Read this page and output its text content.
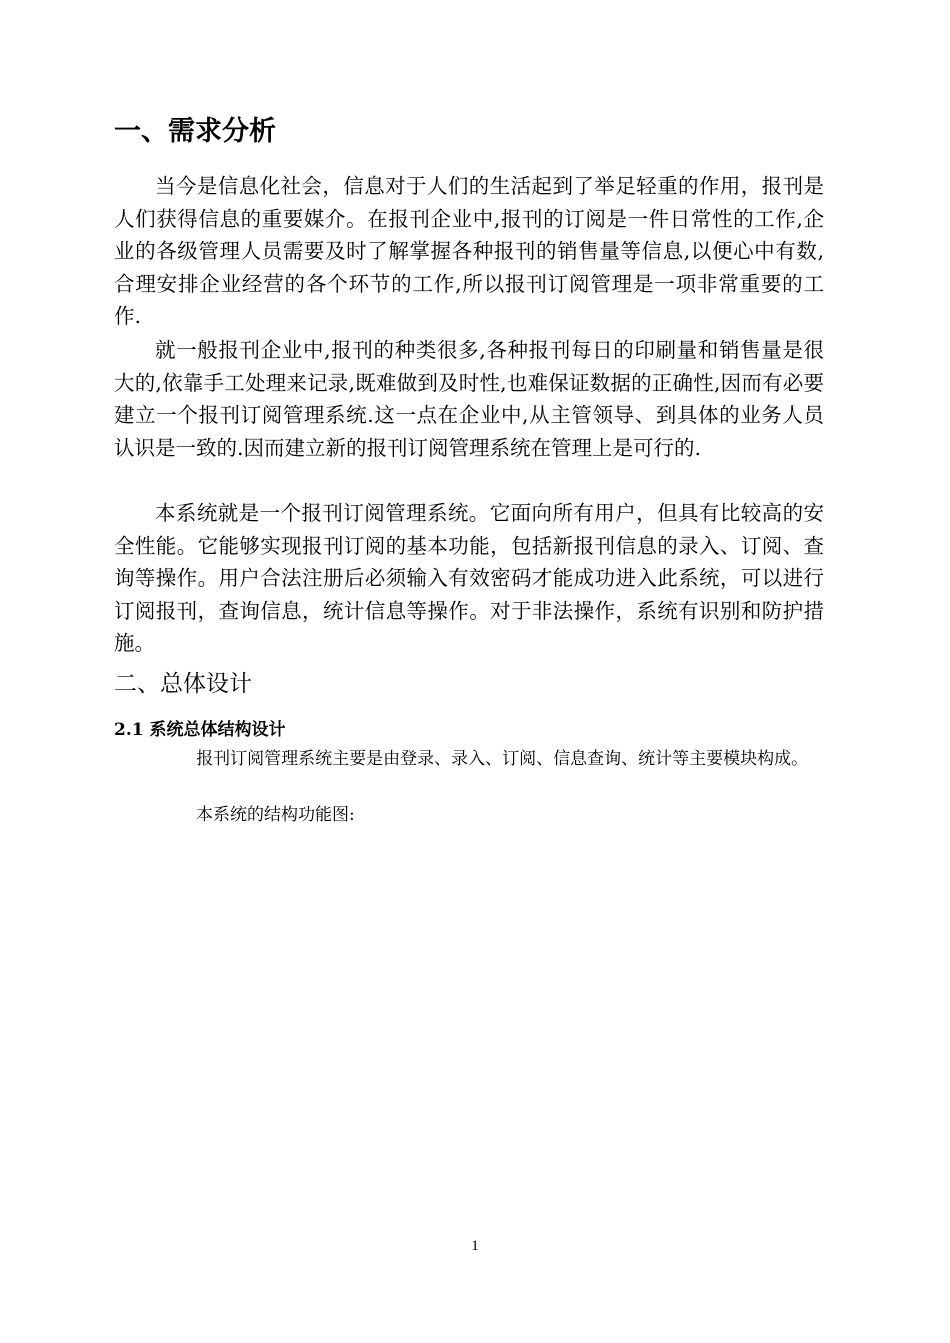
一、需求分析

当今是信息化社会，信息对于人们的生活起到了举足轻重的作用，报刊是人们获得信息的重要媒介。在报刊企业中,报刊的订阅是一件日常性的工作,企业的各级管理人员需要及时了解掌握各种报刊的销售量等信息,以便心中有数,合理安排企业经营的各个环节的工作,所以报刊订阅管理是一项非常重要的工作.

就一般报刊企业中,报刊的种类很多,各种报刊每日的印刷量和销售量是很大的,依靠手工处理来记录,既难做到及时性,也难保证数据的正确性,因而有必要建立一个报刊订阅管理系统.这一点在企业中,从主管领导、到具体的业务人员认识是一致的.因而建立新的报刊订阅管理系统在管理上是可行的.

本系统就是一个报刊订阅管理系统。它面向所有用户，但具有比较高的安全性能。它能够实现报刊订阅的基本功能，包括新报刊信息的录入、订阅、查询等操作。用户合法注册后必须输入有效密码才能成功进入此系统，可以进行订阅报刊，查询信息，统计信息等操作。对于非法操作，系统有识别和防护措施。

二、总体设计
2.1 系统总体结构设计

报刊订阅管理系统主要是由登录、录入、订阅、信息查询、统计等主要模块构成。

本系统的结构功能图:

1
